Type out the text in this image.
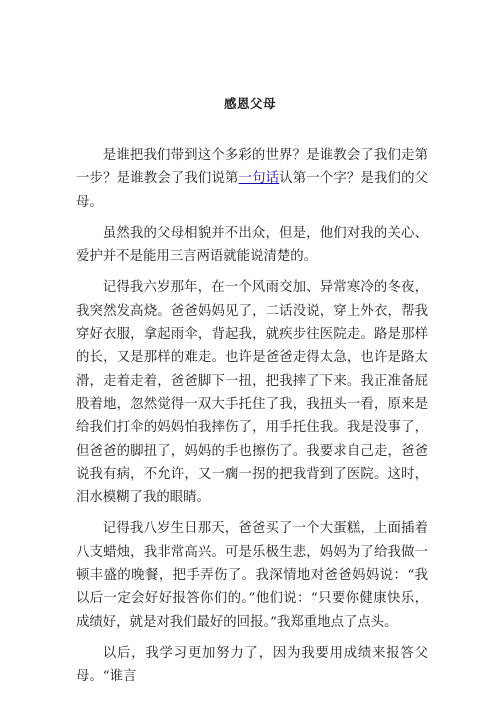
感恩父母

是谁把我们带到这个多彩的世界？是谁教会了我们走第一步？是谁教会了我们说第一句话认第一个字？是我们的父母。

虽然我的父母相貌并不出众，但是，他们对我的关心、爱护并不是能用三言两语就能说清楚的。

记得我六岁那年，在一个风雨交加、异常寒冷的冬夜，我突然发高烧。爸爸妈妈见了，二话没说，穿上外衣，帮我穿好衣服，拿起雨伞，背起我，就疾步往医院走。路是那样的长，又是那样的难走。也许是爸爸走得太急，也许是路太滑，走着走着，爸爸脚下一扭，把我摔了下来。我正准备屁股着地，忽然觉得一双大手托住了我，我扭头一看，原来是给我们打伞的妈妈怕我摔伤了，用手托住我。我是没事了，但爸爸的脚扭了，妈妈的手也擦伤了。我要求自己走，爸爸说我有病，不允许，又一瘸一拐的把我背到了医院。这时，泪水模糊了我的眼睛。

记得我八岁生日那天，爸爸买了一个大蛋糕，上面插着八支蜡烛，我非常高兴。可是乐极生悲，妈妈为了给我做一顿丰盛的晚餐，把手弄伤了。我深情地对爸爸妈妈说：“我以后一定会好好报答你们的。”他们说：“只要你健康快乐，成绩好，就是对我们最好的回报。”我郑重地点了点头。

以后，我学习更加努力了，因为我要用成绩来报答父母。“谁言
